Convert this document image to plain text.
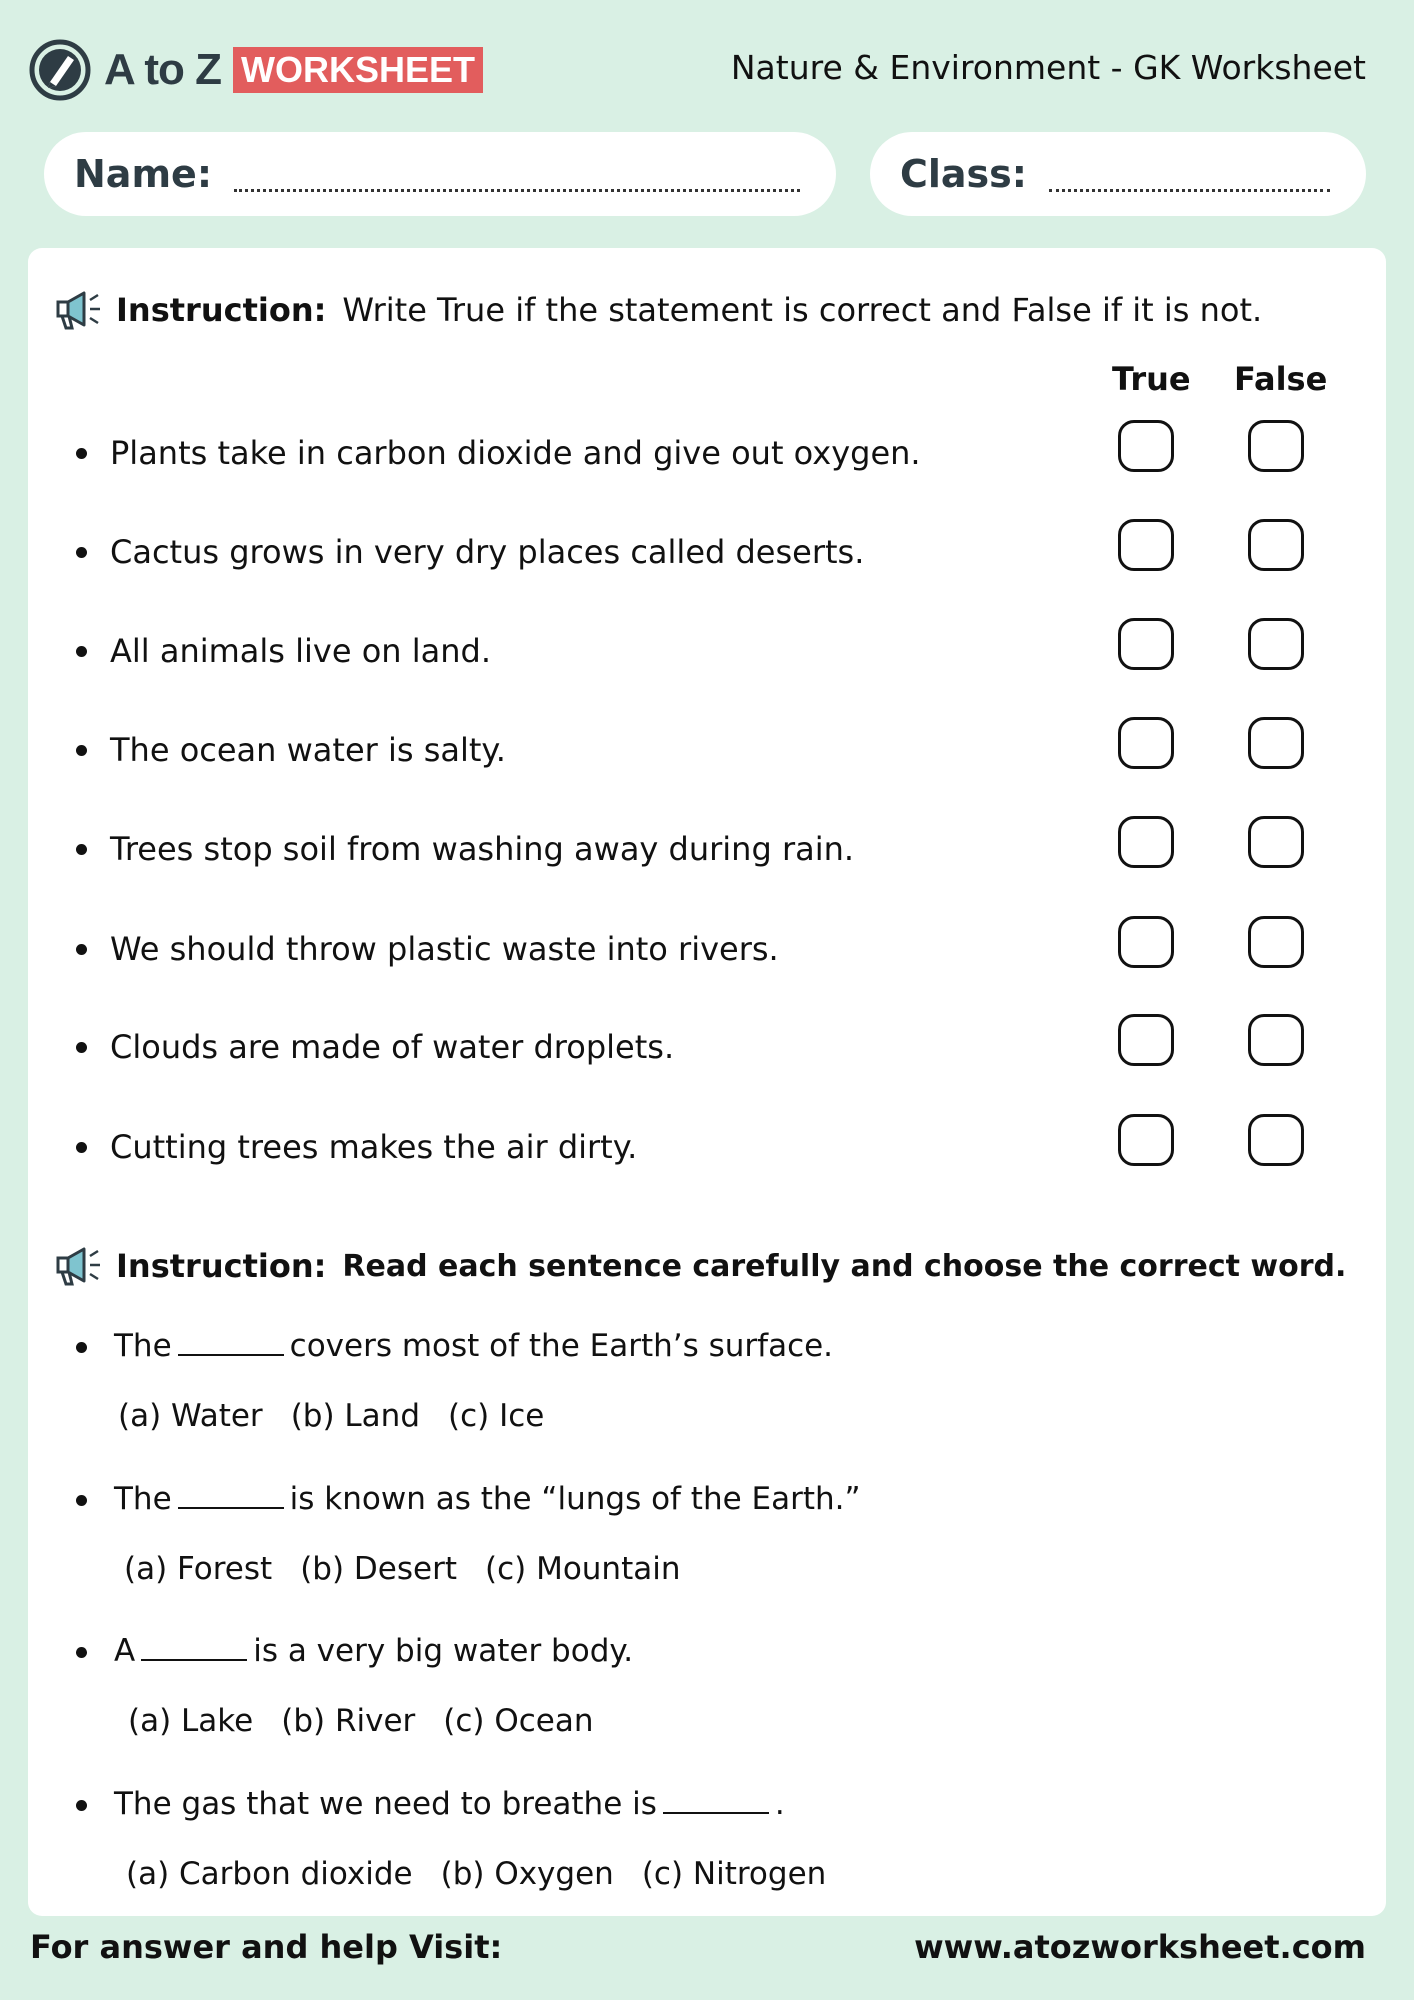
A to Z WORKSHEET	Nature & Environment - GK Worksheet
Name:	Class:
Instruction: Write True if the statement is correct and False if it is not.
True False
Plants take in carbon dioxide and give out oxygen.
Cactus grows in very dry places called deserts.
All animals live on land.
The ocean water is salty.
Trees stop soil from washing away during rain.
We should throw plastic waste into rivers.
Clouds are made of water droplets.
Cutting trees makes the air dirty.
Instruction: Read each sentence carefully and choose the correct word.
The	covers most of the Earth’s surface.
(a) Water (b) Land (c) Ice
The	is known as the “lungs of the Earth.”
(a) Forest (b) Desert (c) Mountain
A	is a very big water body.
(a) Lake (b) River (c) Ocean
The gas that we need to breathe is	.
(a) Carbon dioxide (b) Oxygen (c) Nitrogen
For answer and help Visit:	www.atozworksheet.com
